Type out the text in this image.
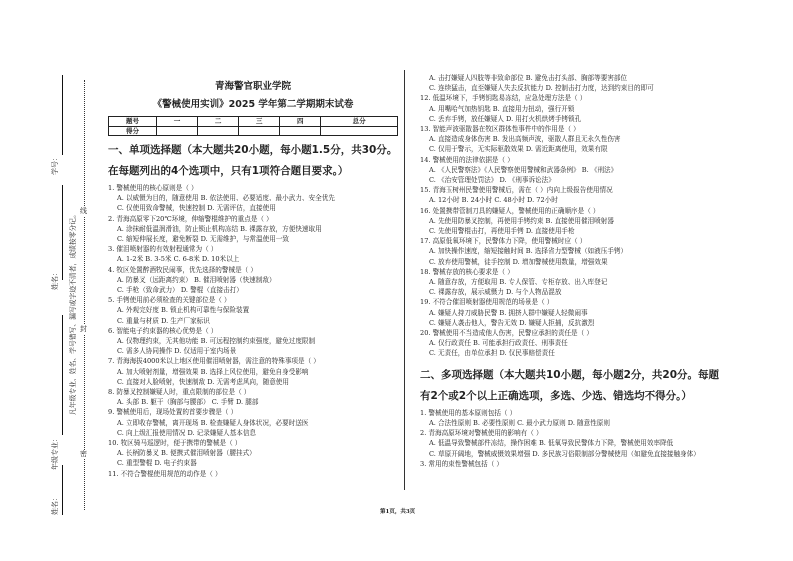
学号：
姓名：
年级专业：
姓名：
凡年级专业、姓名、学号错写、漏写或字迹不清者，成绩按零分记。
线
封
密
青海警官职业学院
《警械使用实训》2025 学年第二学期期末试卷
题号	一	二	三	四	总分
得分					
一、单项选择题（本大题共20小题，每小题1.5分，共30分。在每题列出的4个选项中，只有1项符合题目要求。）
1. 警械使用的核心原则是（ ）
A. 以威慑为目的，随意使用 B. 依法使用、必要适度、最小武力、安全优先
C. 仅使用致命警械，快速控制 D. 无需评估，直接使用
2. 青海高原零下20℃环境，伸缩警棍维护的重点是（ ）
A. 涂抹耐低温润滑油，防止锁止机构冻结 B. 裸露存放，方便快速取用
C. 缩短伸展长度，避免断裂 D. 无需维护，与常温使用一致
3. 催泪喷射器的有效射程通常为（ ）
A. 1-2米 B. 3-5米 C. 6-8米 D. 10米以上
4. 牧区处置醉酒牧民闹事，优先选择的警械是（ ）
A. 防暴叉（远距离约束） B. 催泪喷射器（快速制敌）
C. 手枪（致命武力） D. 警棍（直接击打）
5. 手铐使用前必须检查的关键部位是（ ）
A. 外观完好度 B. 锁止机构可靠性与保险装置
C. 重量与材质 D. 生产厂家标识
6. 智能电子约束器的核心优势是（ ）
A. 仅物理约束，无其他功能 B. 可远程控制约束强度，避免过度限制
C. 需多人协同操作 D. 仅适用于室内场景
7. 青海海拔4000米以上地区使用催泪喷射器，需注意的特殊事项是（ ）
A. 加大喷射剂量，增强效果 B. 选择上风位使用，避免自身受影响
C. 直接对人脸喷射，快速制敌 D. 无需考虑风向，随意使用
8. 防暴叉控制嫌疑人时，重点限制的部位是（ ）
A. 头部 B. 躯干（胸部与腰部） C. 手臂 D. 腿部
9. 警械使用后，现场处置的首要步骤是（ ）
A. 立即收存警械，离开现场 B. 检查嫌疑人身体状况，必要时送医
C. 向上级汇报使用情况 D. 记录嫌疑人基本信息
10. 牧区骑马巡逻时，便于携带的警械是（ ）
A. 长柄防暴叉 B. 便携式催泪喷射器（腰挂式）
C. 重型警棍 D. 电子约束器
11. 不符合警棍使用规范的动作是（ ）
A. 击打嫌疑人四肢等非致命部位 B. 避免击打头部、胸部等要害部位
C. 连续猛击，直至嫌疑人失去反抗能力 D. 控制击打力度，达到约束目的即可
12. 低温环境下，手铐钥匙易冻结，应急处理方法是（ ）
A. 用嘴哈气加热钥匙 B. 直接用力扭动，强行开锁
C. 丢弃手铐，放任嫌疑人 D. 用打火机烘烤手铐锁孔
13. 智能声波驱散器在牧区群体性事件中的作用是（ ）
A. 直接造成身体伤害 B. 发出高频声波，驱散人群且无永久性伤害
C. 仅用于警示，无实际驱散效果 D. 需近距离使用，效果有限
14. 警械使用的法律依据是（ ）
A. 《人民警察法》《人民警察使用警械和武器条例》 B. 《刑法》
C. 《治安管理处罚法》 D. 《刑事诉讼法》
15. 青海玉树州民警使用警械后，需在（ ）内向上级报告使用情况
A. 12小时 B. 24小时 C. 48小时 D. 72小时
16. 处置携带管制刀具的嫌疑人，警械使用的正确顺序是（ ）
A. 先使用防暴叉控制，再使用手铐约束 B. 直接使用催泪喷射器
C. 先使用警棍击打，再使用手铐 D. 直接使用手枪
17. 高原低氧环境下，民警体力下降，使用警械时应（ ）
A. 加快操作速度，缩短接触时间 B. 选择省力型警械（如液压手铐）
C. 放弃使用警械，徒手控制 D. 增加警械使用数量，增强效果
18. 警械存放的核心要求是（ ）
A. 随意存放，方便取用 B. 专人保管、专柜存放、出入库登记
C. 裸露存放，展示威慑力 D. 与个人物品混放
19. 不符合催泪喷射器使用规范的场景是（ ）
A. 嫌疑人持刀威胁民警 B. 拥挤人群中嫌疑人轻微闹事
C. 嫌疑人袭击他人，警告无效 D. 嫌疑人拒捕，反抗激烈
20. 警械使用不当造成他人伤害，民警应承担的责任是（ ）
A. 仅行政责任 B. 可能承担行政责任、刑事责任
C. 无责任，由单位承担 D. 仅民事赔偿责任
二、多项选择题（本大题共10小题，每小题2分，共20分。每题有2个或2个以上正确选项，多选、少选、错选均不得分。）
1. 警械使用的基本原则包括（ ）
A. 合法性原则 B. 必要性原则 C. 最小武力原则 D. 随意性原则
2. 青海高原环境对警械使用的影响有（ ）
A. 低温导致警械部件冻结，操作困难 B. 低氧导致民警体力下降，警械使用效率降低
C. 草原开阔地，警械威慑效果增强 D. 多民族习俗限制部分警械使用（如避免直接接触身体）
3. 常用的束性警械包括（ ）
第1页，共3页
